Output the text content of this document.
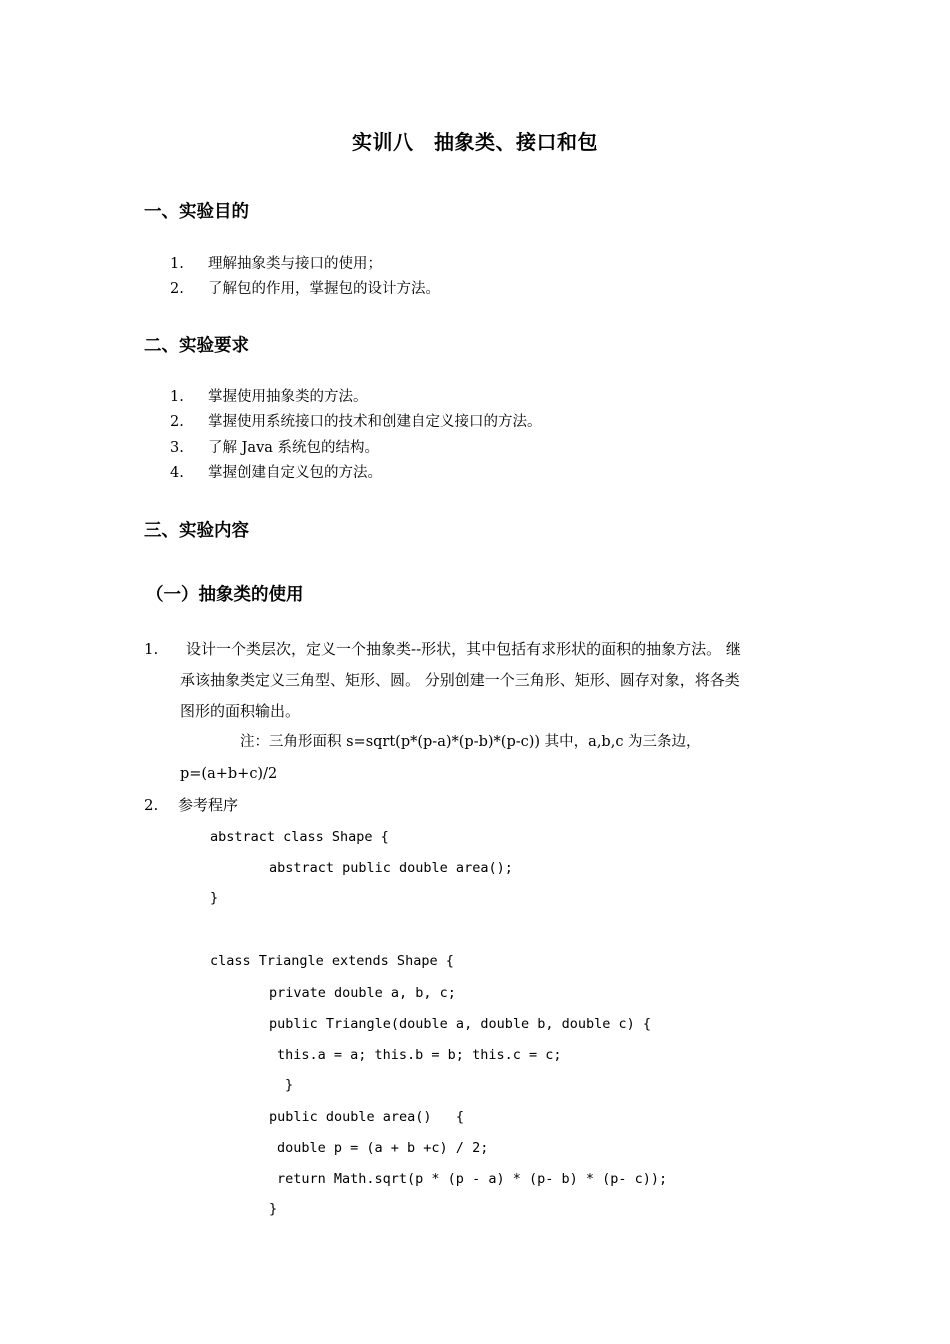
实训八　抽象类、接口和包
一、实验目的
1. 理解抽象类与接口的使用；
2. 了解包的作用，掌握包的设计方法。
二、实验要求
1. 掌握使用抽象类的方法。
2. 掌握使用系统接口的技术和创建自定义接口的方法。
3. 了解 Java 系统包的结构。
4. 掌握创建自定义包的方法。
三、实验内容
（一）抽象类的使用
1. 设计一个类层次，定义一个抽象类--形状，其中包括有求形状的面积的抽象方法。 继
承该抽象类定义三角型、矩形、圆。 分别创建一个三角形、矩形、圆存对象，将各类
图形的面积输出。
注：三角形面积 s=sqrt(p*(p-a)*(p-b)*(p-c)) 其中，a,b,c 为三条边，
p=(a+b+c)/2
2. 参考程序
abstract class Shape {
abstract public double area();
}
class Triangle extends Shape {
private double a, b, c;
public Triangle(double a, double b, double c) {
this.a = a; this.b = b; this.c = c;
}
public double area()   {
double p = (a + b +c) / 2;
return Math.sqrt(p * (p - a) * (p- b) * (p- c));
}
